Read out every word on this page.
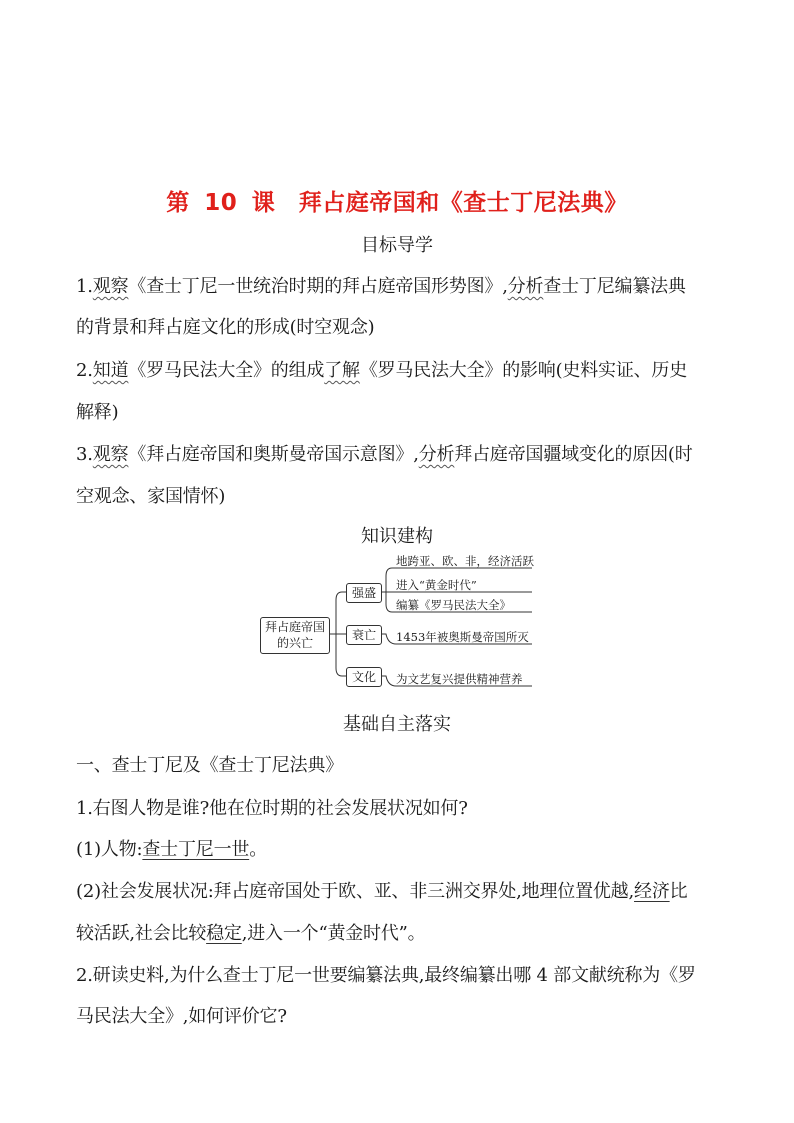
第 10 课　拜占庭帝国和《查士丁尼法典》
目标导学
1.观察《查士丁尼一世统治时期的拜占庭帝国形势图》,分析查士丁尼编纂法典
的背景和拜占庭文化的形成(时空观念)
2.知道《罗马民法大全》的组成了解《罗马民法大全》的影响(史料实证、历史
解释)
3.观察《拜占庭帝国和奥斯曼帝国示意图》,分析拜占庭帝国疆域变化的原因(时
空观念、家国情怀)
知识建构
拜占庭帝国
的兴亡
强盛
衰亡
文化
地跨亚、欧、非，经济活跃
进入“黄金时代”
编纂《罗马民法大全》
1453年被奥斯曼帝国所灭
为文艺复兴提供精神营养
基础自主落实
一、查士丁尼及《查士丁尼法典》
1.右图人物是谁?他在位时期的社会发展状况如何?
(1)人物:查士丁尼一世。
(2)社会发展状况:拜占庭帝国处于欧、亚、非三洲交界处,地理位置优越,经济比
较活跃,社会比较稳定,进入一个“黄金时代”。
2.研读史料,为什么查士丁尼一世要编纂法典,最终编纂出哪 4 部文献统称为《罗
马民法大全》,如何评价它?
